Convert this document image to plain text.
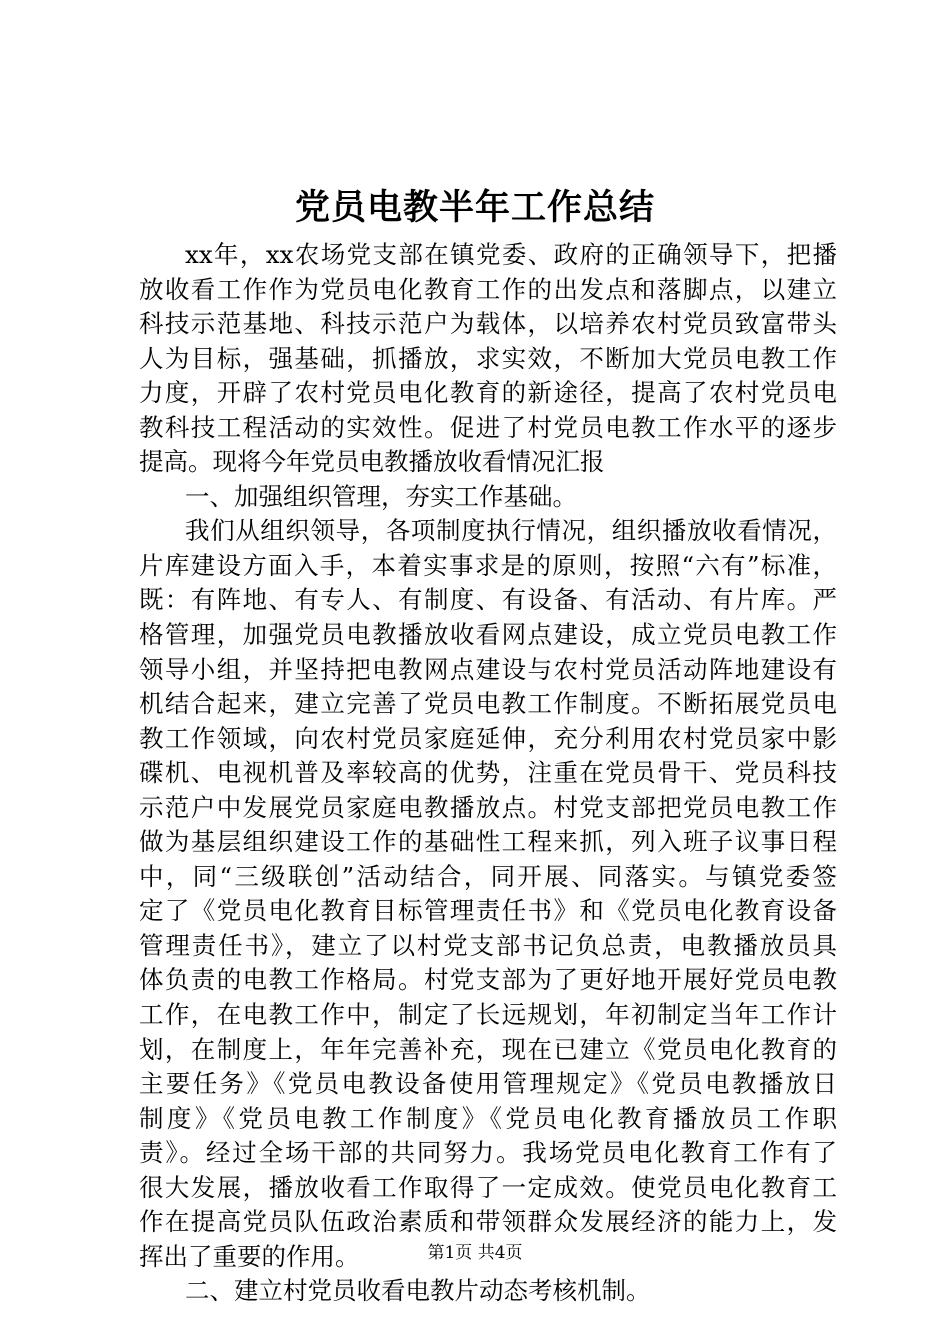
党员电教半年工作总结
xx年，xx农场党支部在镇党委、政府的正确领导下，把播
放收看工作作为党员电化教育工作的出发点和落脚点，以建立
科技示范基地、科技示范户为载体，以培养农村党员致富带头
人为目标，强基础，抓播放，求实效，不断加大党员电教工作
力度，开辟了农村党员电化教育的新途径，提高了农村党员电
教科技工程活动的实效性。促进了村党员电教工作水平的逐步
提高。现将今年党员电教播放收看情况汇报
一、加强组织管理，夯实工作基础。
我们从组织领导，各项制度执行情况，组织播放收看情况，
片库建设方面入手，本着实事求是的原则，按照“六有”标准，
既：有阵地、有专人、有制度、有设备、有活动、有片库。严
格管理，加强党员电教播放收看网点建设，成立党员电教工作
领导小组，并坚持把电教网点建设与农村党员活动阵地建设有
机结合起来，建立完善了党员电教工作制度。不断拓展党员电
教工作领域，向农村党员家庭延伸，充分利用农村党员家中影
碟机、电视机普及率较高的优势，注重在党员骨干、党员科技
示范户中发展党员家庭电教播放点。村党支部把党员电教工作
做为基层组织建设工作的基础性工程来抓，列入班子议事日程
中，同“三级联创”活动结合，同开展、同落实。与镇党委签
定了《党员电化教育目标管理责任书》和《党员电化教育设备
管理责任书》，建立了以村党支部书记负总责，电教播放员具
体负责的电教工作格局。村党支部为了更好地开展好党员电教
工作，在电教工作中，制定了长远规划，年初制定当年工作计
划，在制度上，年年完善补充，现在已建立《党员电化教育的
主要任务》《党员电教设备使用管理规定》《党员电教播放日
制度》《党员电教工作制度》《党员电化教育播放员工作职
责》。经过全场干部的共同努力。我场党员电化教育工作有了
很大发展，播放收看工作取得了一定成效。使党员电化教育工
作在提高党员队伍政治素质和带领群众发展经济的能力上，发
挥出了重要的作用。
二、建立村党员收看电教片动态考核机制。
第1页 共4页
